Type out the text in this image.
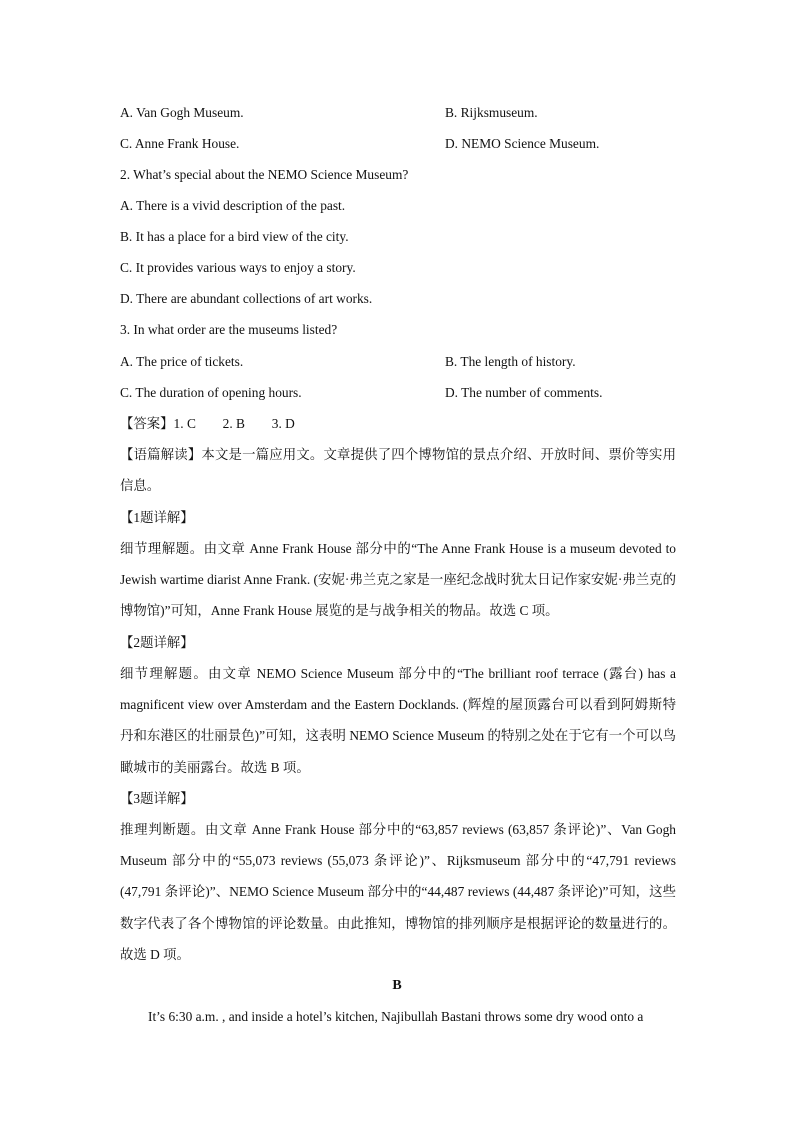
A. Van Gogh Museum.	B. Rijksmuseum.
C. Anne Frank House.	D. NEMO Science Museum.
2. What’s special about the NEMO Science Museum?
A. There is a vivid description of the past.
B. It has a place for a bird view of the city.
C. It provides various ways to enjoy a story.
D. There are abundant collections of art works.
3. In what order are the museums listed?
A. The price of tickets.	B. The length of history.
C. The duration of opening hours.	D. The number of comments.
【答案】1. C        2. B        3. D
【语篇解读】本文是一篇应用文。文章提供了四个博物馆的景点介绍、开放时间、票价等实用信息。
【1题详解】
细节理解题。由文章 Anne Frank House 部分中的“The Anne Frank House is a museum devoted to Jewish wartime diarist Anne Frank. (安妮·弗兰克之家是一座纪念战时犹太日记作家安妮·弗兰克的博物馆)”可知，Anne Frank House 展览的是与战争相关的物品。故选 C 项。
【2题详解】
细节理解题。由文章 NEMO Science Museum 部分中的“The brilliant roof terrace (露台) has a magnificent view over Amsterdam and the Eastern Docklands. (辉煌的屋顶露台可以看到阿姆斯特丹和东港区的壮丽景色)”可知，这表明 NEMO Science Museum 的特别之处在于它有一个可以鸟瞰城市的美丽露台。故选 B 项。
【3题详解】
推理判断题。由文章 Anne Frank House 部分中的“63,857 reviews (63,857 条评论)”、Van Gogh Museum 部分中的“55,073 reviews (55,073 条评论)”、Rijksmuseum 部分中的“47,791 reviews (47,791 条评论)”、NEMO Science Museum 部分中的“44,487 reviews (44,487 条评论)”可知，这些数字代表了各个博物馆的评论数量。由此推知，博物馆的排列顺序是根据评论的数量进行的。故选 D 项。
B
It’s 6:30 a.m. , and inside a hotel’s kitchen, Najibullah Bastani throws some dry wood onto a
